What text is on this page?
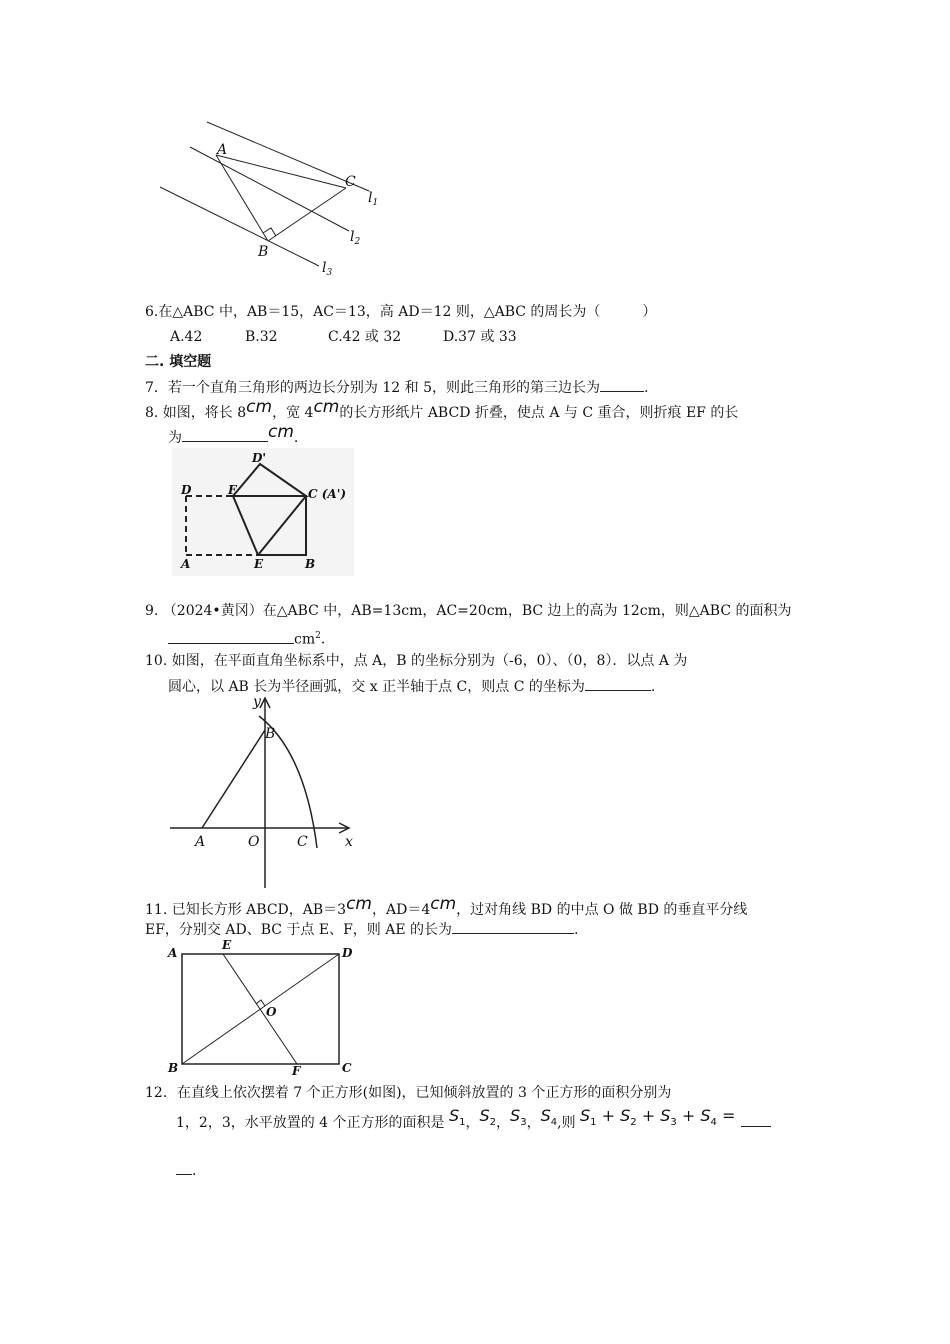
A
C
B
$l_1$
$l_2$
$l_3$
6.在△ABC 中，AB＝15，AC＝13，高 AD＝12 则，△ABC 的周长为（　　　）
A.42	B.32	C.42 或 32	D.37 或 33
二. 填空题
7．若一个直角三角形的两边长分别为 12 和 5，则此三角形的第三边长为	.
8. 如图，将长 8cm，宽 4cm的长方形纸片 ABCD 折叠，使点 A 与 C 重合，则折痕 EF 的长
为	cm.
D'
D	F	C (A')
A	E	B
9. （2024•黄冈）在△ABC 中，AB=13cm，AC=20cm，BC 边上的高为 12cm，则△ABC 的面积为
$cm^2$.
10. 如图，在平面直角坐标系中，点 A，B 的坐标分别为（-6，0）、（0，8）．以点 A 为
圆心，以 AB 长为半径画弧，交 x 正半轴于点 C，则点 C 的坐标为	.
y
B
A	O	C	x
11. 已知长方形 ABCD，AB＝3cm，AD＝4cm，过对角线 BD 的中点 O 做 BD 的垂直平分线
EF，分别交 AD、BC 于点 E、F，则 AE 的长为	.
A
E
D
O
B	F	C
12．在直线上依次摆着 7 个正方形(如图)，已知倾斜放置的 3 个正方形的面积分别为
1，2，3，水平放置的 4 个正方形的面积是 $S_1$，$S_2$，$S_3$，$S_4$,则 $S_1 + S_2 + S_3 + S_4$ =
.
